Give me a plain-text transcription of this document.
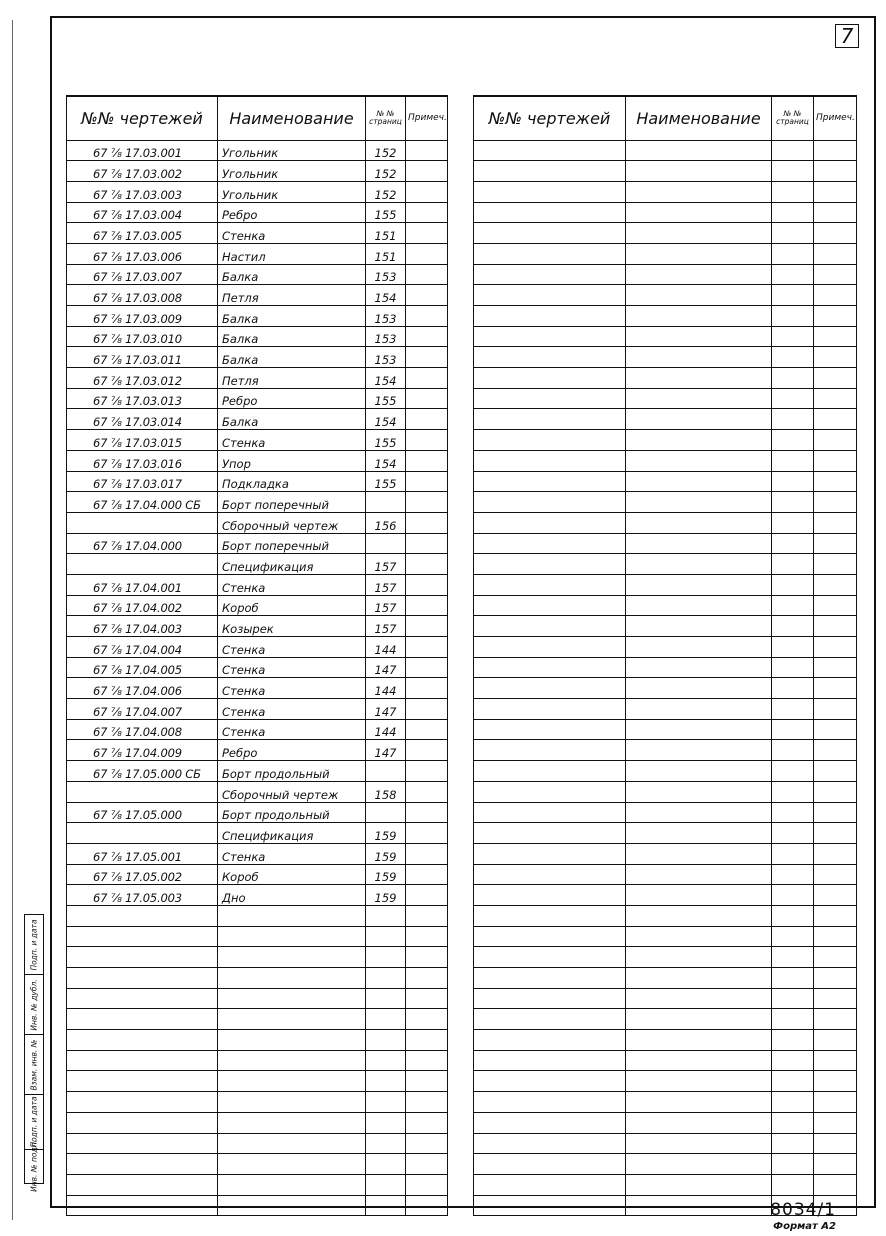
7
№№ чертежей	Наименование	№ № страниц	Примеч.
67 ⅞ 17.03.001	Угольник	152	
67 ⅞ 17.03.002	Угольник	152	
67 ⅞ 17.03.003	Угольник	152	
67 ⅞ 17.03.004	Ребро	155	
67 ⅞ 17.03.005	Стенка	151	
67 ⅞ 17.03.006	Настил	151	
67 ⅞ 17.03.007	Балка	153	
67 ⅞ 17.03.008	Петля	154	
67 ⅞ 17.03.009	Балка	153	
67 ⅞ 17.03.010	Балка	153	
67 ⅞ 17.03.011	Балка	153	
67 ⅞ 17.03.012	Петля	154	
67 ⅞ 17.03.013	Ребро	155	
67 ⅞ 17.03.014	Балка	154	
67 ⅞ 17.03.015	Стенка	155	
67 ⅞ 17.03.016	Упор	154	
67 ⅞ 17.03.017	Подкладка	155	
67 ⅞ 17.04.000 СБ	Борт поперечный		
	Сборочный чертеж	156	
67 ⅞ 17.04.000	Борт поперечный		
	Спецификация	157	
67 ⅞ 17.04.001	Стенка	157	
67 ⅞ 17.04.002	Короб	157	
67 ⅞ 17.04.003	Козырек	157	
67 ⅞ 17.04.004	Стенка	144	
67 ⅞ 17.04.005	Стенка	147	
67 ⅞ 17.04.006	Стенка	144	
67 ⅞ 17.04.007	Стенка	147	
67 ⅞ 17.04.008	Стенка	144	
67 ⅞ 17.04.009	Ребро	147	
67 ⅞ 17.05.000 СБ	Борт продольный		
	Сборочный чертеж	158	
67 ⅞ 17.05.000	Борт продольный		
	Спецификация	159	
67 ⅞ 17.05.001	Стенка	159	
67 ⅞ 17.05.002	Короб	159	
67 ⅞ 17.05.003	Дно	159	

№№ чертежей	Наименование	№ № страниц	Примеч.

Подп. и дата
Инв. № дубл.
Взам. инв. №
Подп. и дата
Инв. № подл.
8034/1
Формат А2
